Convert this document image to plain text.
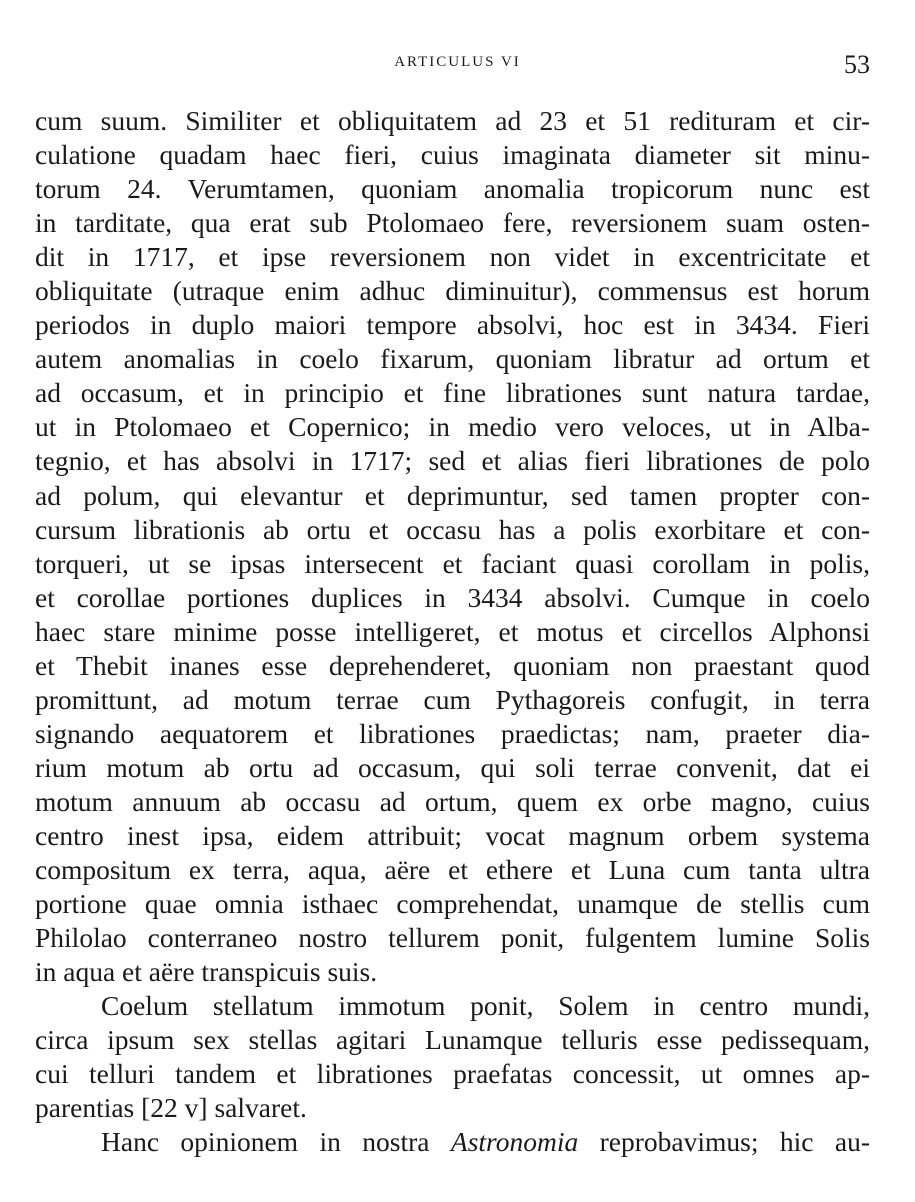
ARTICULUS VI	53
cum suum. Similiter et obliquitatem ad 23 et 51 redituram et cir-
culatione quadam haec fieri, cuius imaginata diameter sit minu-
torum 24. Verumtamen, quoniam anomalia tropicorum nunc est
in tarditate, qua erat sub Ptolomaeo fere, reversionem suam osten-
dit in 1717, et ipse reversionem non videt in excentricitate et
obliquitate (utraque enim adhuc diminuitur), commensus est horum
periodos in duplo maiori tempore absolvi, hoc est in 3434. Fieri
autem anomalias in coelo fixarum, quoniam libratur ad ortum et
ad occasum, et in principio et fine librationes sunt natura tardae,
ut in Ptolomaeo et Copernico; in medio vero veloces, ut in Alba-
tegnio, et has absolvi in 1717; sed et alias fieri librationes de polo
ad polum, qui elevantur et deprimuntur, sed tamen propter con-
cursum librationis ab ortu et occasu has a polis exorbitare et con-
torqueri, ut se ipsas intersecent et faciant quasi corollam in polis,
et corollae portiones duplices in 3434 absolvi. Cumque in coelo
haec stare minime posse intelligeret, et motus et circellos Alphonsi
et Thebit inanes esse deprehenderet, quoniam non praestant quod
promittunt, ad motum terrae cum Pythagoreis confugit, in terra
signando aequatorem et librationes praedictas; nam, praeter dia-
rium motum ab ortu ad occasum, qui soli terrae convenit, dat ei
motum annuum ab occasu ad ortum, quem ex orbe magno, cuius
centro inest ipsa, eidem attribuit; vocat magnum orbem systema
compositum ex terra, aqua, aëre et ethere et Luna cum tanta ultra
portione quae omnia isthaec comprehendat, unamque de stellis cum
Philolao conterraneo nostro tellurem ponit, fulgentem lumine Solis
in aqua et aëre transpicuis suis.
Coelum stellatum immotum ponit, Solem in centro mundi,
circa ipsum sex stellas agitari Lunamque telluris esse pedissequam,
cui telluri tandem et librationes praefatas concessit, ut omnes ap-
parentias [22 v] salvaret.
Hanc opinionem in nostra Astronomia reprobavimus; hic au-
